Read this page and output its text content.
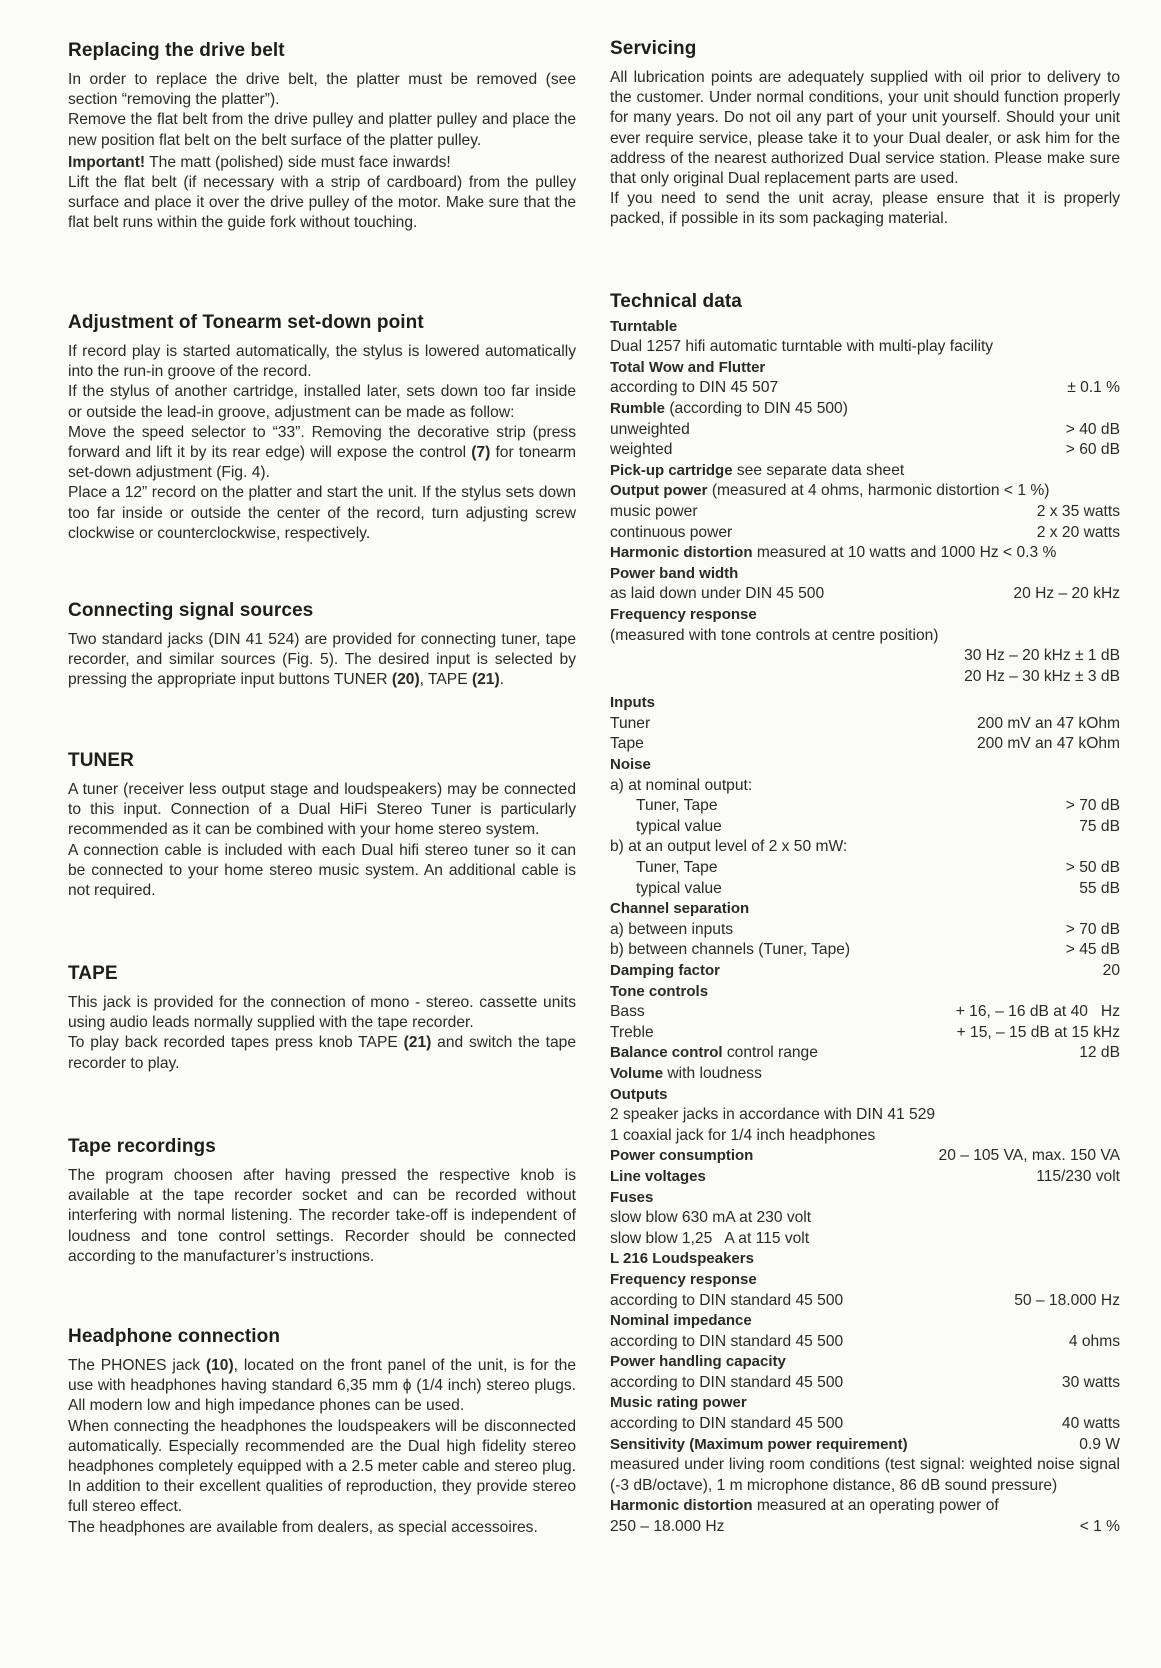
Replacing the drive belt

In order to replace the drive belt, the platter must be removed (see section “removing the platter”).

Remove the flat belt from the drive pulley and platter pulley and place the new position flat belt on the belt surface of the platter pulley.

Important! The matt (polished) side must face inwards!

Lift the flat belt (if necessary with a strip of cardboard) from the pulley surface and place it over the drive pulley of the motor. Make sure that the flat belt runs within the guide fork without touching.

Adjustment of Tonearm set-down point

If record play is started automatically, the stylus is lowered automatically into the run-in groove of the record.

If the stylus of another cartridge, installed later, sets down too far inside or outside the lead-in groove, adjustment can be made as follow:

Move the speed selector to “33”. Removing the decorative strip (press forward and lift it by its rear edge) will expose the control (7) for tonearm set-down adjustment (Fig. 4).

Place a 12” record on the platter and start the unit. If the stylus sets down too far inside or outside the center of the record, turn adjusting screw clockwise or counterclockwise, respectively.

Connecting signal sources

Two standard jacks (DIN 41 524) are provided for connecting tuner, tape recorder, and similar sources (Fig. 5). The desired input is selected by pressing the appropriate input buttons TUNER (20), TAPE (21).

TUNER

A tuner (receiver less output stage and loudspeakers) may be connected to this input. Connection of a Dual HiFi Stereo Tuner is particularly recommended as it can be combined with your home stereo system.

A connection cable is included with each Dual hifi stereo tuner so it can be connected to your home stereo music system. An additional cable is not required.

TAPE

This jack is provided for the connection of mono - stereo. cassette units using audio leads normally supplied with the tape recorder.

To play back recorded tapes press knob TAPE (21) and switch the tape recorder to play.

Tape recordings

The program choosen after having pressed the respective knob is available at the tape recorder socket and can be recorded without interfering with normal listening. The recorder take-off is independent of loudness and tone control settings. Recorder should be connected according to the manufacturer’s instructions.

Headphone connection

The PHONES jack (10), located on the front panel of the unit, is for the use with headphones having standard 6,35 mm ϕ (1/4 inch) stereo plugs. All modern low and high impedance phones can be used.

When connecting the headphones the loudspeakers will be disconnected automatically. Especially recommended are the Dual high fidelity stereo headphones completely equipped with a 2.5 meter cable and stereo plug. In addition to their excellent qualities of reproduction, they provide stereo full stereo effect.

The headphones are available from dealers, as special accessoires.

Servicing

All lubrication points are adequately supplied with oil prior to delivery to the customer. Under normal conditions, your unit should function properly for many years. Do not oil any part of your unit yourself. Should your unit ever require service, please take it to your Dual dealer, or ask him for the address of the nearest authorized Dual service station. Please make sure that only original Dual replacement parts are used.

If you need to send the unit acray, please ensure that it is properly packed, if possible in its som packaging material.

Technical data
Turntable
Dual 1257 hifi automatic turntable with multi-play facility
Total Wow and Flutter
according to DIN 45 507	± 0.1 %
Rumble (according to DIN 45 500)
unweighted	> 40 dB
weighted	> 60 dB
Pick-up cartridge see separate data sheet
Output power (measured at 4 ohms, harmonic distortion < 1 %)
music power	2 x 35 watts
continuous power	2 x 20 watts
Harmonic distortion measured at 10 watts and 1000 Hz < 0.3 %
Power band width
as laid down under DIN 45 500	20 Hz – 20 kHz
Frequency response
(measured with tone controls at centre position)
30 Hz – 20 kHz ± 1 dB
20 Hz – 30 kHz ± 3 dB
Inputs
Tuner	200 mV an 47 kOhm
Tape	200 mV an 47 kOhm
Noise
a) at nominal output:
Tuner, Tape	> 70 dB
typical value	75 dB
b) at an output level of 2 x 50 mW:
Tuner, Tape	> 50 dB
typical value	55 dB
Channel separation
a) between inputs	> 70 dB
b) between channels (Tuner, Tape)	> 45 dB
Damping factor	20
Tone controls
Bass	+ 16, – 16 dB at 40   Hz
Treble	+ 15, – 15 dB at 15 kHz
Balance control control range	12 dB
Volume with loudness
Outputs
2 speaker jacks in accordance with DIN 41 529
1 coaxial jack for 1/4 inch headphones
Power consumption	20 – 105 VA, max. 150 VA
Line voltages	115/230 volt
Fuses
slow blow 630 mA at 230 volt
slow blow 1,25   A at 115 volt
L 216 Loudspeakers
Frequency response
according to DIN standard 45 500	50 – 18.000 Hz
Nominal impedance
according to DIN standard 45 500	4 ohms
Power handling capacity
according to DIN standard 45 500	30 watts
Music rating power
according to DIN standard 45 500	40 watts
Sensitivity (Maximum power requirement)	0.9 W
measured under living room conditions (test signal: weighted noise signal (-3 dB/octave), 1 m microphone distance, 86 dB sound pressure)
Harmonic distortion measured at an operating power of
250 – 18.000 Hz	< 1 %
